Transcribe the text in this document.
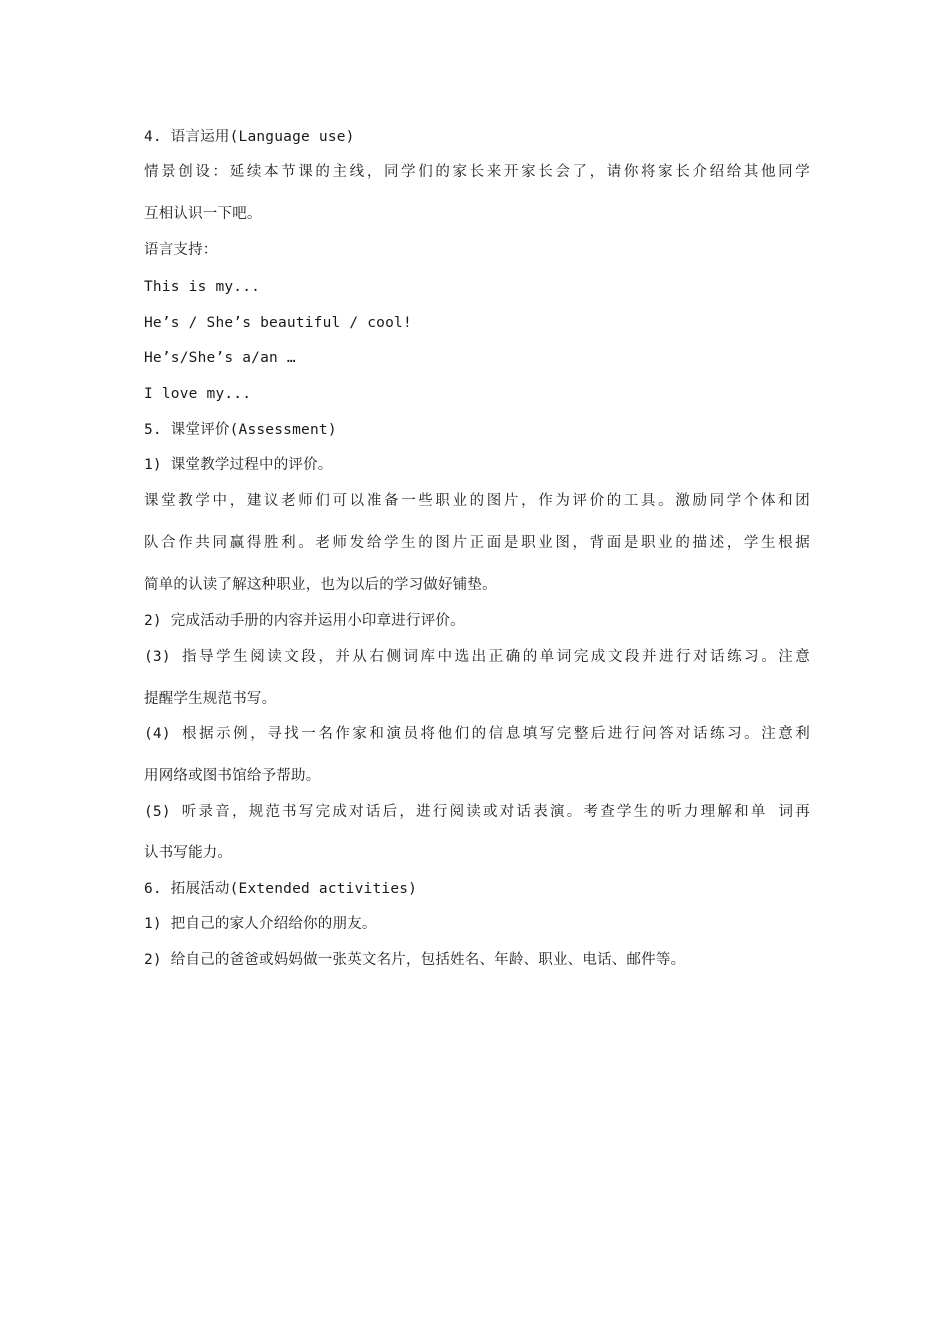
4. 语言运用(Language use)
情景创设：延续本节课的主线，同学们的家长来开家长会了，请你将家长介绍给其他同学
互相认识一下吧。
语言支持：
This is my...
He’s / She’s beautiful / cool!
He’s/She’s a/an …
I love my...
5. 课堂评价(Assessment)
1) 课堂教学过程中的评价。
课堂教学中，建议老师们可以准备一些职业的图片，作为评价的工具。激励同学个体和团
队合作共同赢得胜利。老师发给学生的图片正面是职业图，背面是职业的描述，学生根据
简单的认读了解这种职业，也为以后的学习做好铺垫。
2) 完成活动手册的内容并运用小印章进行评价。
(3) 指导学生阅读文段，并从右侧词库中选出正确的单词完成文段并进行对话练习。注意
提醒学生规范书写。
(4) 根据示例，寻找一名作家和演员将他们的信息填写完整后进行问答对话练习。注意利
用网络或图书馆给予帮助。
(5) 听录音，规范书写完成对话后，进行阅读或对话表演。考查学生的听力理解和单 词再
认书写能力。
6. 拓展活动(Extended activities)
1) 把自己的家人介绍给你的朋友。
2) 给自己的爸爸或妈妈做一张英文名片，包括姓名、年龄、职业、电话、邮件等。
